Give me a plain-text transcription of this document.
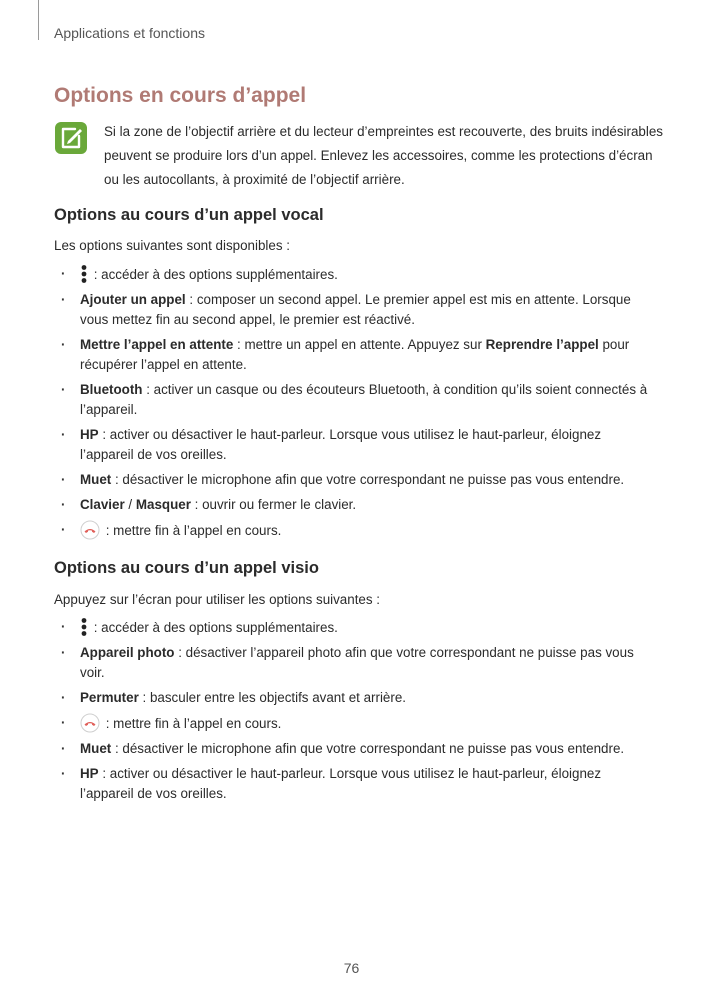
Applications et fonctions
Options en cours d’appel
Si la zone de l’objectif arrière et du lecteur d’empreintes est recouverte, des bruits indésirables peuvent se produire lors d’un appel. Enlevez les accessoires, comme les protections d’écran ou les autocollants, à proximité de l’objectif arrière.
Options au cours d’un appel vocal
Les options suivantes sont disponibles :
· : accéder à des options supplémentaires.
· Ajouter un appel : composer un second appel. Le premier appel est mis en attente. Lorsque vous mettez fin au second appel, le premier est réactivé.
· Mettre l’appel en attente : mettre un appel en attente. Appuyez sur Reprendre l’appel pour récupérer l’appel en attente.
· Bluetooth : activer un casque ou des écouteurs Bluetooth, à condition qu’ils soient connectés à l’appareil.
· HP : activer ou désactiver le haut-parleur. Lorsque vous utilisez le haut-parleur, éloignez l’appareil de vos oreilles.
· Muet : désactiver le microphone afin que votre correspondant ne puisse pas vous entendre.
· Clavier / Masquer : ouvrir ou fermer le clavier.
· : mettre fin à l’appel en cours.
Options au cours d’un appel visio
Appuyez sur l’écran pour utiliser les options suivantes :
· : accéder à des options supplémentaires.
· Appareil photo : désactiver l’appareil photo afin que votre correspondant ne puisse pas vous voir.
· Permuter : basculer entre les objectifs avant et arrière.
· : mettre fin à l’appel en cours.
· Muet : désactiver le microphone afin que votre correspondant ne puisse pas vous entendre.
· HP : activer ou désactiver le haut-parleur. Lorsque vous utilisez le haut-parleur, éloignez l’appareil de vos oreilles.
76
